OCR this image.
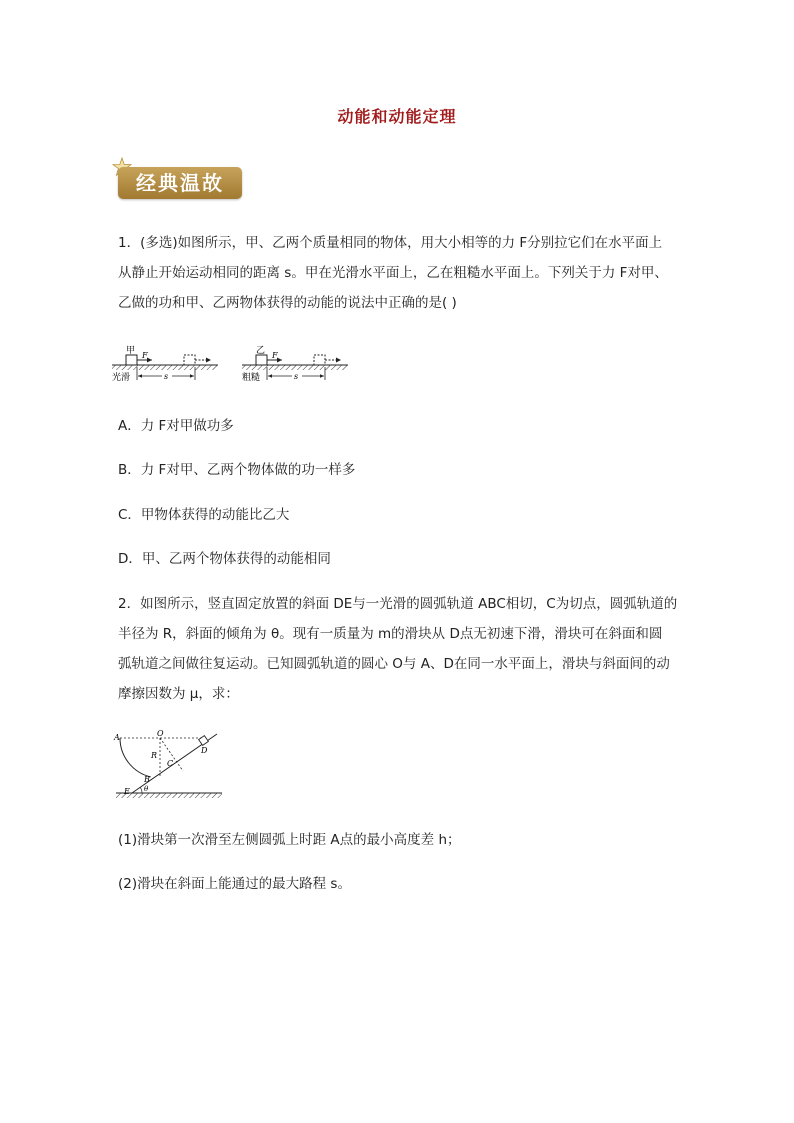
动能和动能定理
经典温故
1．(多选)如图所示，甲、乙两个质量相同的物体，用大小相等的力 F分别拉它们在水平面上
从静止开始运动相同的距离 s。甲在光滑水平面上，乙在粗糙水平面上。下列关于力 F对甲、
乙做的功和甲、乙两物体获得的动能的说法中正确的是( )
甲 F
s
光滑
乙 F
s
粗糙
A．力 F对甲做功多
B．力 F对甲、乙两个物体做的功一样多
C．甲物体获得的动能比乙大
D．甲、乙两个物体获得的动能相同
2．如图所示，竖直固定放置的斜面 DE与一光滑的圆弧轨道 ABC相切，C为切点，圆弧轨道的
半径为 R，斜面的倾角为 θ。现有一质量为 m的滑块从 D点无初速下滑，滑块可在斜面和圆
弧轨道之间做往复运动。已知圆弧轨道的圆心 O与 A、D在同一水平面上，滑块与斜面间的动
摩擦因数为 μ，求：
A	O
R
C
B
D
E θ
(1)滑块第一次滑至左侧圆弧上时距 A点的最小高度差 h；
(2)滑块在斜面上能通过的最大路程 s。
